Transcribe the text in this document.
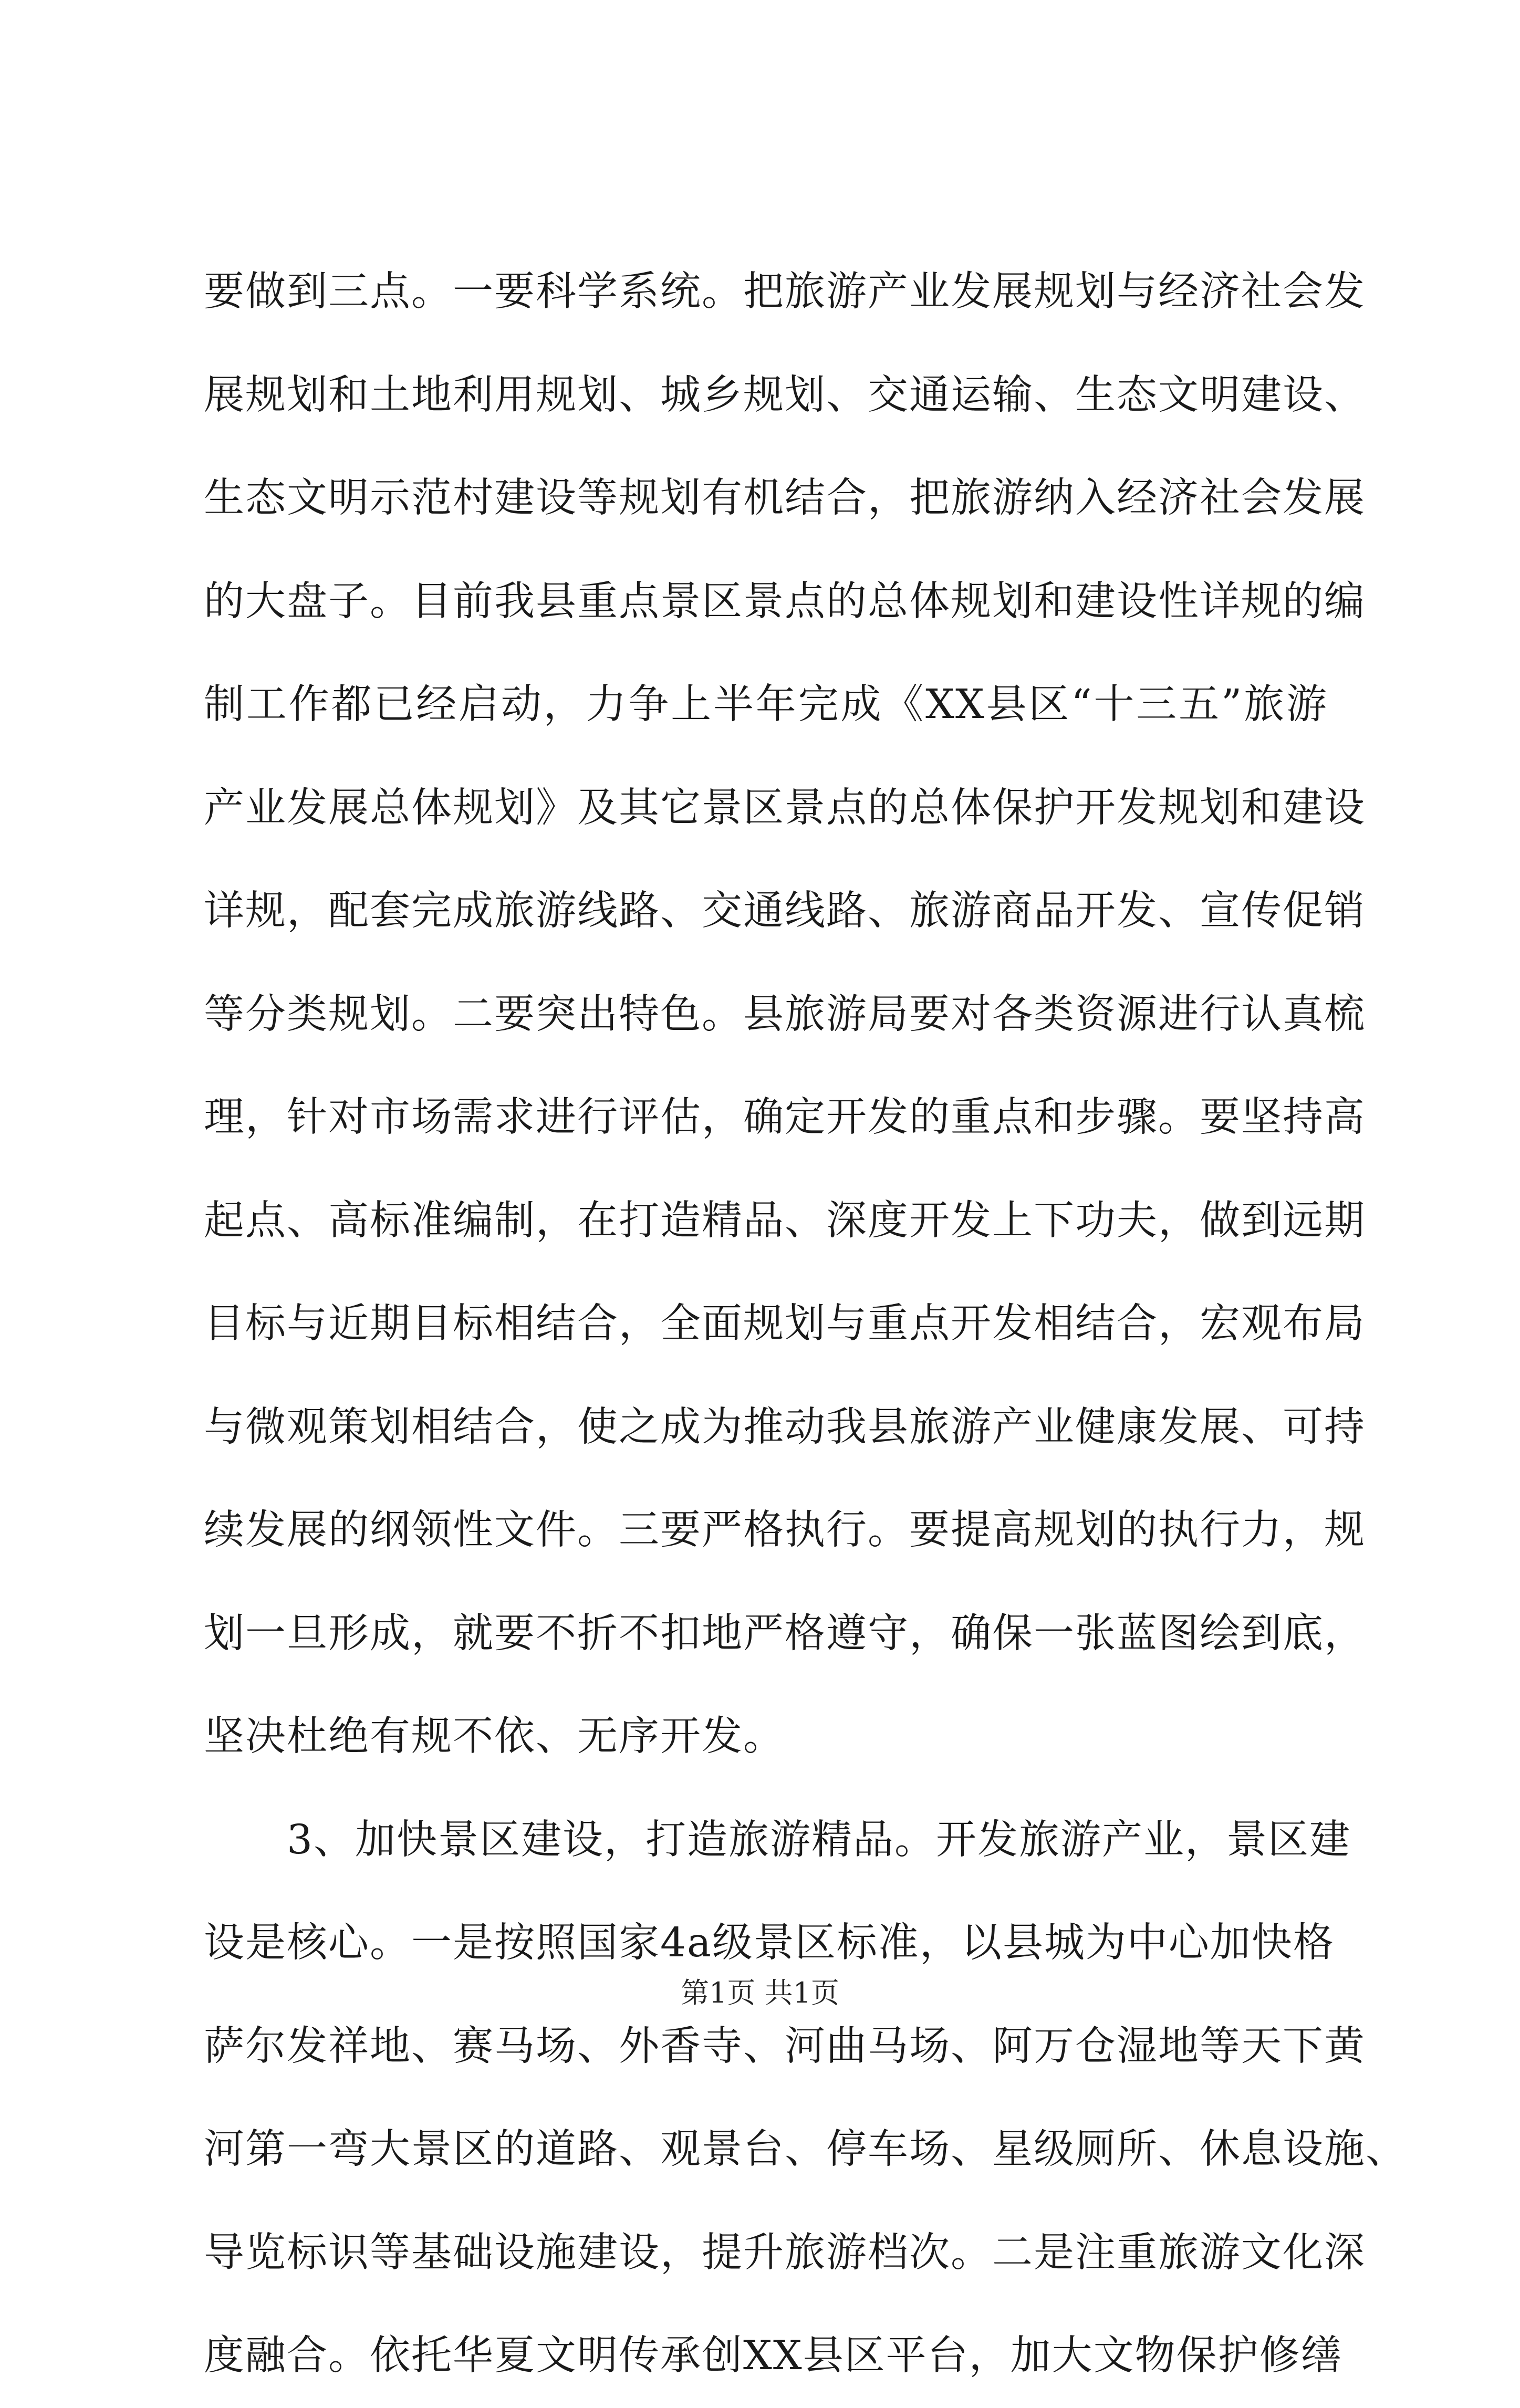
要做到三点。一要科学系统。把旅游产业发展规划与经济社会发
展规划和土地利用规划、城乡规划、交通运输、生态文明建设、
生态文明示范村建设等规划有机结合，把旅游纳入经济社会发展
的大盘子。目前我县重点景区景点的总体规划和建设性详规的编
制工作都已经启动，力争上半年完成《XX县区“十三五”旅游
产业发展总体规划》及其它景区景点的总体保护开发规划和建设
详规，配套完成旅游线路、交通线路、旅游商品开发、宣传促销
等分类规划。二要突出特色。县旅游局要对各类资源进行认真梳
理，针对市场需求进行评估，确定开发的重点和步骤。要坚持高
起点、高标准编制，在打造精品、深度开发上下功夫，做到远期
目标与近期目标相结合，全面规划与重点开发相结合，宏观布局
与微观策划相结合，使之成为推动我县旅游产业健康发展、可持
续发展的纲领性文件。三要严格执行。要提高规划的执行力，规
划一旦形成，就要不折不扣地严格遵守，确保一张蓝图绘到底，
坚决杜绝有规不依、无序开发。
　　3、加快景区建设，打造旅游精品。开发旅游产业，景区建
设是核心。一是按照国家4a级景区标准，以县城为中心加快格
萨尔发祥地、赛马场、外香寺、河曲马场、阿万仓湿地等天下黄
河第一弯大景区的道路、观景台、停车场、星级厕所、休息设施、
导览标识等基础设施建设，提升旅游档次。二是注重旅游文化深
度融合。依托华夏文明传承创XX县区平台，加大文物保护修缮
第1页 共1页
